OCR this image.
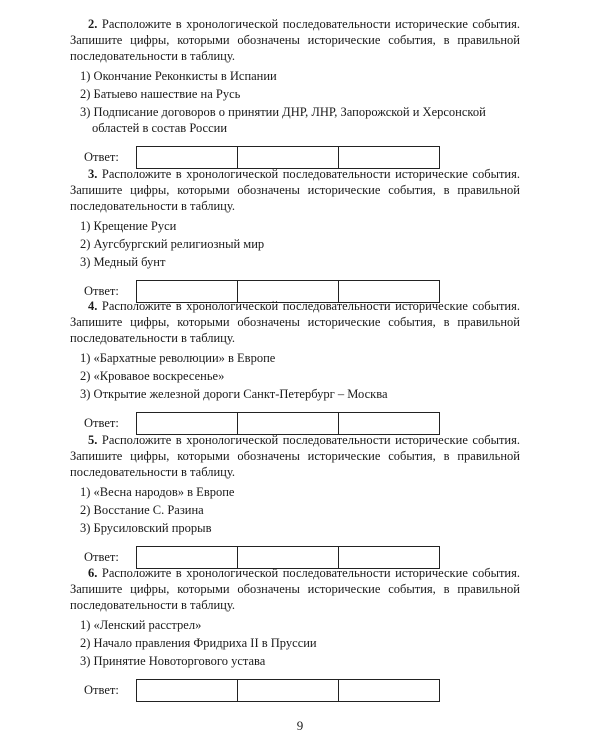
2. Расположите в хронологической последовательности исторические события. Запишите цифры, которыми обозначены исторические события, в правильной последовательности в таблицу.

1) Окончание Реконкисты в Испании
2) Батыево нашествие на Русь
3) Подписание договоров о принятии ДНР, ЛНР, Запорожской и Херсонской областей в состав России
Ответ:

3. Расположите в хронологической последовательности исторические события. Запишите цифры, которыми обозначены исторические события, в правильной последовательности в таблицу.

1) Крещение Руси
2) Аугсбургский религиозный мир
3) Медный бунт
Ответ:

4. Расположите в хронологической последовательности исторические события. Запишите цифры, которыми обозначены исторические события, в правильной последовательности в таблицу.

1) «Бархатные революции» в Европе
2) «Кровавое воскресенье»
3) Открытие железной дороги Санкт-Петербург – Москва
Ответ:

5. Расположите в хронологической последовательности исторические события. Запишите цифры, которыми обозначены исторические события, в правильной последовательности в таблицу.

1) «Весна народов» в Европе
2) Восстание С. Разина
3) Брусиловский прорыв
Ответ:

6. Расположите в хронологической последовательности исторические события. Запишите цифры, которыми обозначены исторические события, в правильной последовательности в таблицу.

1) «Ленский расстрел»
2) Начало правления Фридриха II в Пруссии
3) Принятие Новоторгового устава
Ответ:
9
